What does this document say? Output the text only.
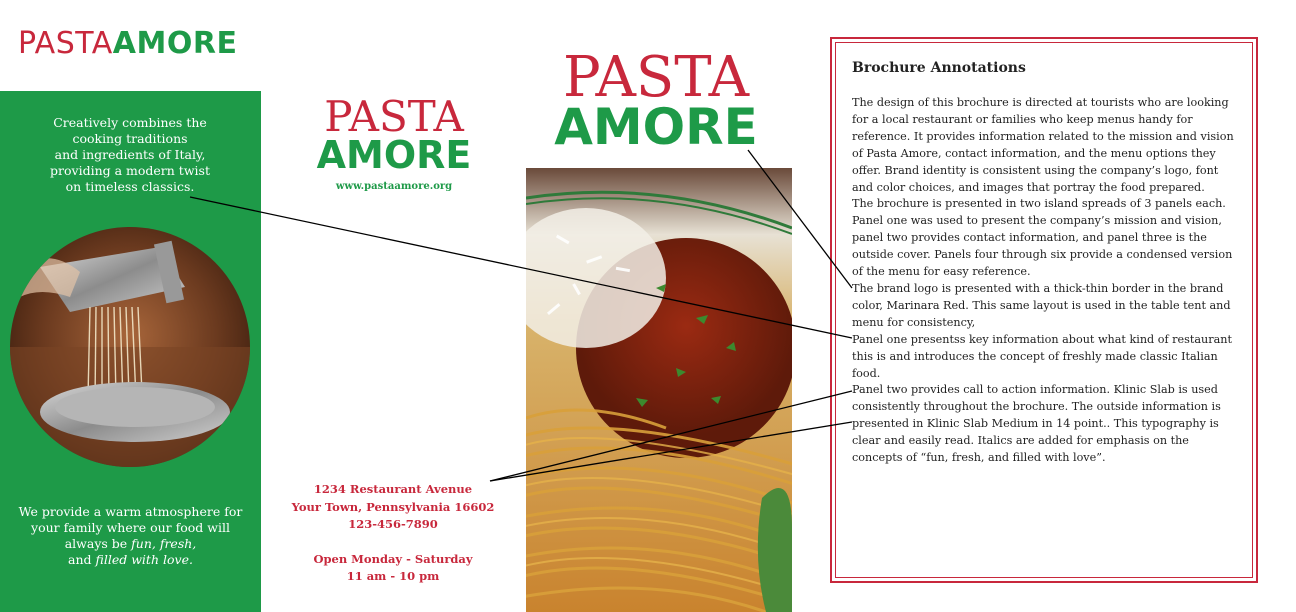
PASTAAMORE
Creatively combines the
cooking traditions
and ingredients of Italy,
providing a modern twist
on timeless classics.
We provide a warm atmosphere for
your family where our food will
always be fun, fresh,
and filled with love.
PASTA
AMORE
www.pastaamore.org
1234 Restaurant Avenue
Your Town, Pennsylvania 16602
123-456-7890
Open Monday - Saturday
11 am - 10 pm
PASTA
AMORE
Brochure Annotations

The design of this brochure is directed at tourists who are looking for a local restaurant or families who keep menus handy for reference. It provides information related to the mission and vision of Pasta Amore, contact information, and the menu options they offer. Brand identity is consistent using the company’s logo, font and color choices, and images that portray the food prepared.

The brochure is presented in two island spreads of 3 panels each. Panel one was used to present the company’s mission and vision, panel two provides contact information, and panel three is the outside cover. Panels four through six provide a condensed version of the menu for easy reference.

The brand logo is presented with a thick-thin border in the brand color, Marinara Red. This same layout is used in the table tent and menu for consistency,

Panel one presentss key information about what kind of restaurant this is and introduces the concept of freshly made classic Italian food.

Panel two provides call to action information. Klinic Slab is used consistently throughout the brochure. The outside information is presented in Klinic Slab Medium in 14 point.. This typography is clear and easily read. Italics are added for emphasis on the concepts of “fun, fresh, and filled with love”.
